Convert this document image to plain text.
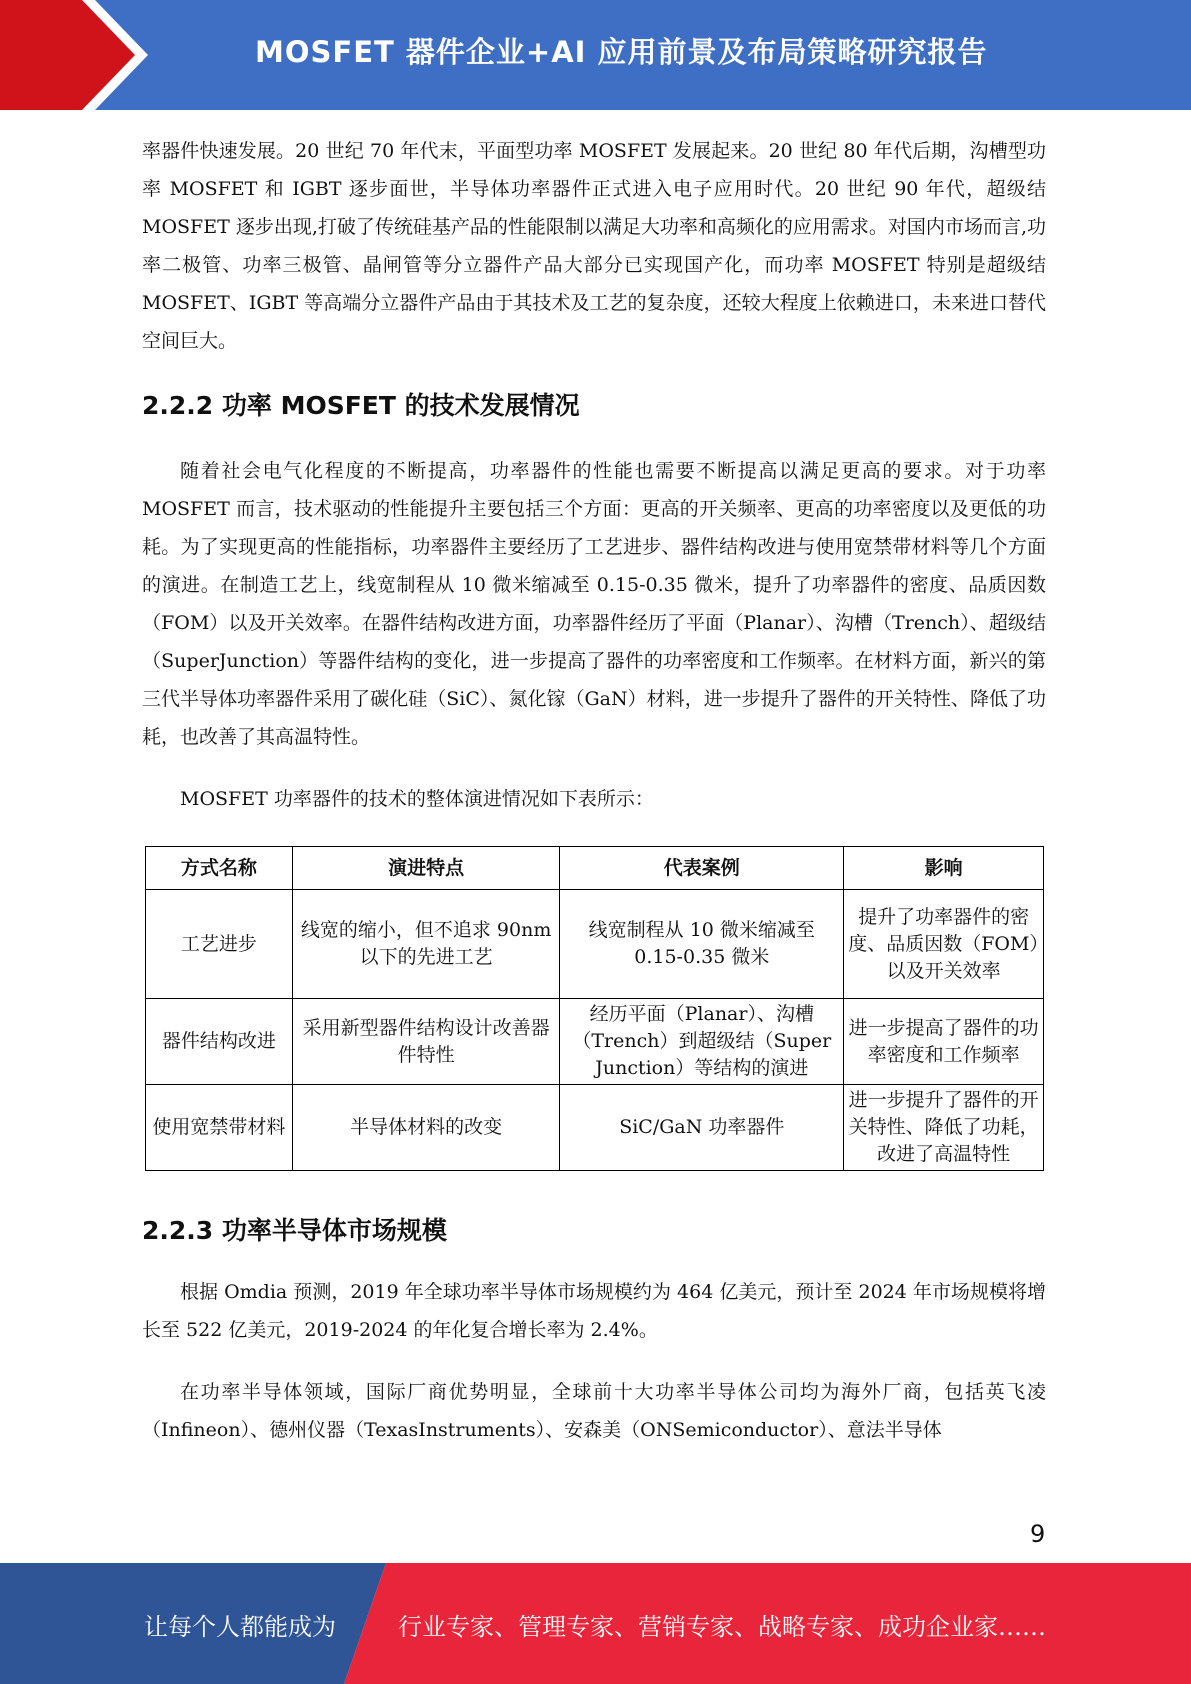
MOSFET 器件企业+AI 应用前景及布局策略研究报告

率器件快速发展。20 世纪 70 年代末，平面型功率 MOSFET 发展起来。20 世纪 80 年代后期，沟槽型功率 MOSFET 和 IGBT 逐步面世，半导体功率器件正式进入电子应用时代。20 世纪 90 年代，超级结 MOSFET 逐步出现,打破了传统硅基产品的性能限制以满足大功率和高频化的应用需求。对国内市场而言,功率二极管、功率三极管、晶闸管等分立器件产品大部分已实现国产化，而功率 MOSFET 特别是超级结 MOSFET、IGBT 等高端分立器件产品由于其技术及工艺的复杂度，还较大程度上依赖进口，未来进口替代空间巨大。

2.2.2 功率 MOSFET 的技术发展情况

随着社会电气化程度的不断提高，功率器件的性能也需要不断提高以满足更高的要求。对于功率 MOSFET 而言，技术驱动的性能提升主要包括三个方面：更高的开关频率、更高的功率密度以及更低的功耗。为了实现更高的性能指标，功率器件主要经历了工艺进步、器件结构改进与使用宽禁带材料等几个方面的演进。在制造工艺上，线宽制程从 10 微米缩减至 0.15-0.35 微米，提升了功率器件的密度、品质因数（FOM）以及开关效率。在器件结构改进方面，功率器件经历了平面（Planar）、沟槽（Trench）、超级结（SuperJunction）等器件结构的变化，进一步提高了器件的功率密度和工作频率。在材料方面，新兴的第三代半导体功率器件采用了碳化硅（SiC）、氮化镓（GaN）材料，进一步提升了器件的开关特性、降低了功耗，也改善了其高温特性。

MOSFET 功率器件的技术的整体演进情况如下表所示：

方式名称	演进特点	代表案例	影响
工艺进步	线宽的缩小，但不追求 90nm 以下的先进工艺	线宽制程从 10 微米缩减至 0.15-0.35 微米	提升了功率器件的密度、品质因数（FOM）以及开关效率
器件结构改进	采用新型器件结构设计改善器件特性	经历平面（Planar）、沟槽（Trench）到超级结（Super Junction）等结构的演进	进一步提高了器件的功率密度和工作频率
使用宽禁带材料	半导体材料的改变	SiC/GaN 功率器件	进一步提升了器件的开关特性、降低了功耗，改进了高温特性
2.2.3 功率半导体市场规模

根据 Omdia 预测，2019 年全球功率半导体市场规模约为 464 亿美元，预计至 2024 年市场规模将增长至 522 亿美元，2019-2024 的年化复合增长率为 2.4%。

在功率半导体领域，国际厂商优势明显，全球前十大功率半导体公司均为海外厂商，包括英飞凌（Infineon）、德州仪器（TexasInstruments）、安森美（ONSemiconductor）、意法半导体

9
让每个人都能成为	行业专家、管理专家、营销专家、战略专家、成功企业家……
